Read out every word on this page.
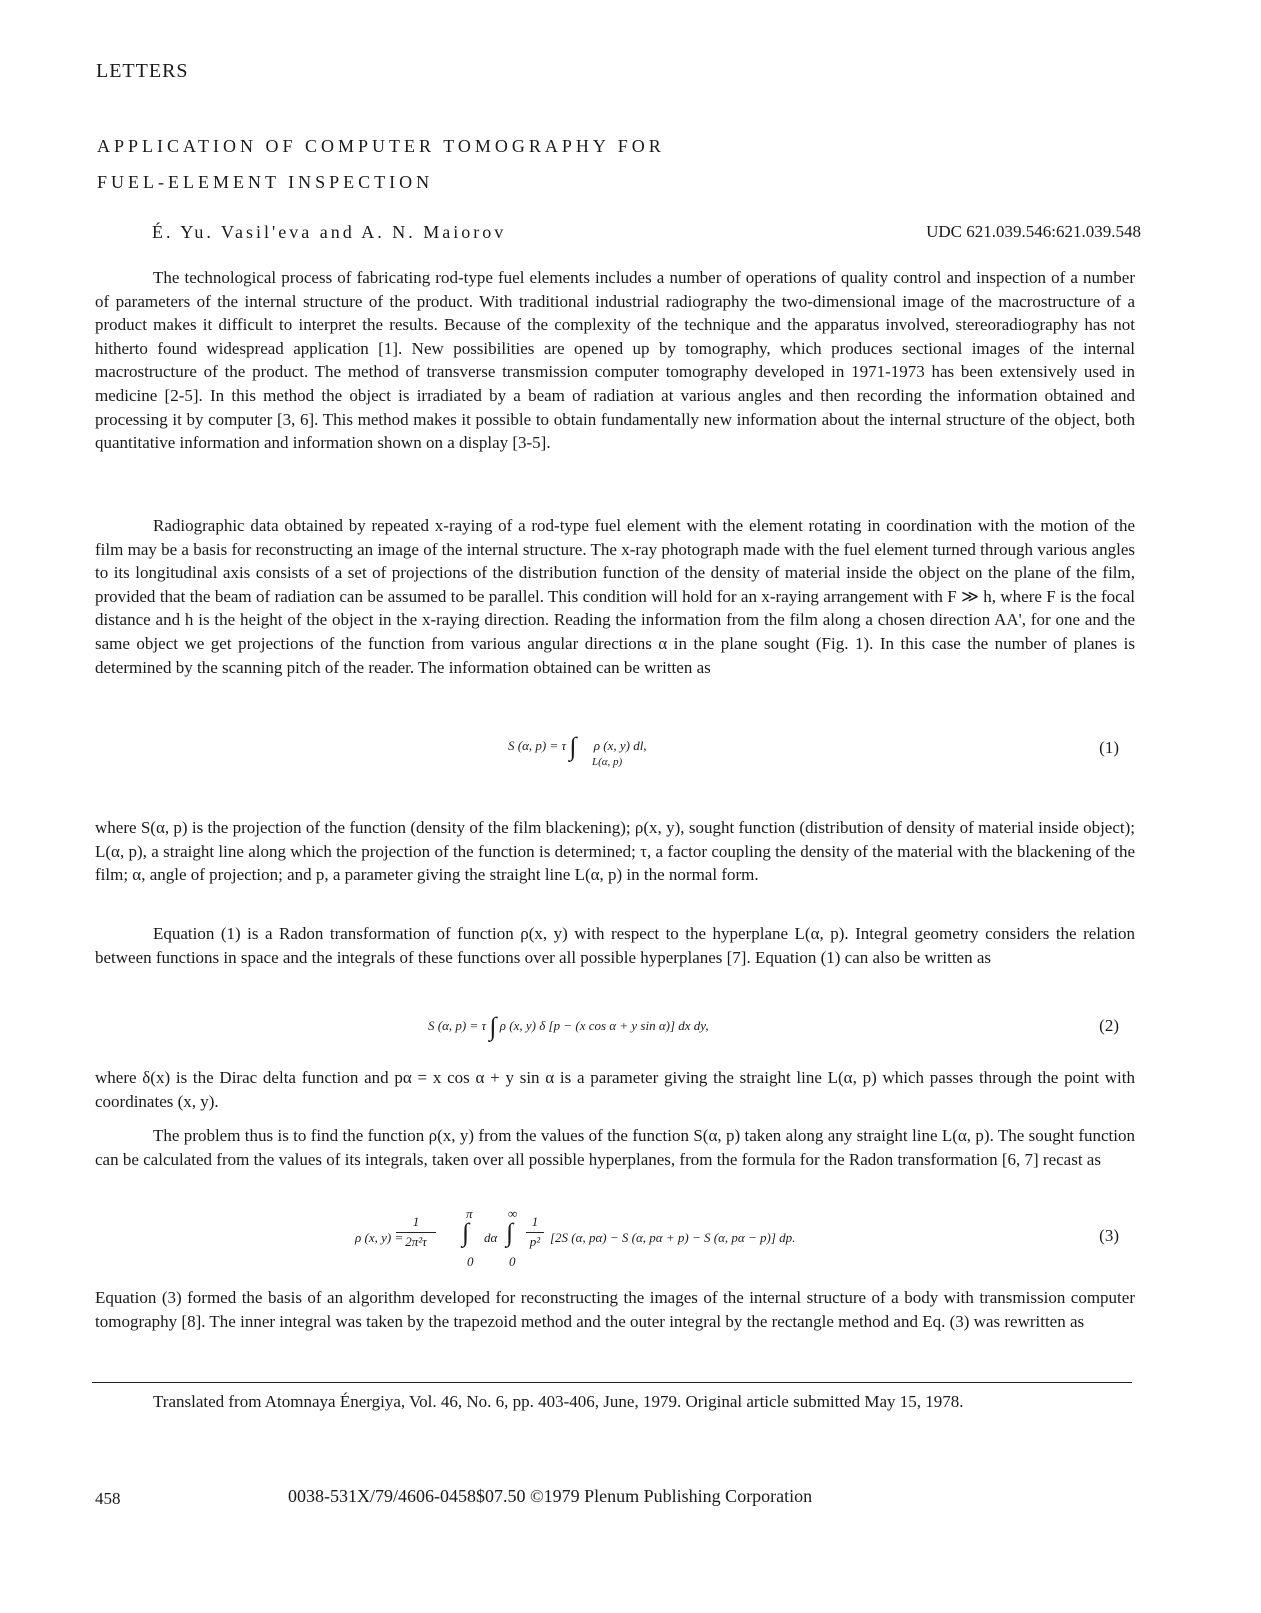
LETTERS
APPLICATION OF COMPUTER TOMOGRAPHY FOR
FUEL-ELEMENT INSPECTION
É. Yu. Vasil'eva and A. N. Maiorov	UDC 621.039.546:621.039.548

The technological process of fabricating rod-type fuel elements includes a number of operations of quality control and inspection of a number of parameters of the internal structure of the product. With traditional industrial radiography the two-dimensional image of the macrostructure of a product makes it difficult to interpret the results. Because of the complexity of the technique and the apparatus involved, stereoradiography has not hitherto found widespread application [1]. New possibilities are opened up by tomography, which produces sectional images of the internal macrostructure of the product. The method of transverse transmission computer tomography developed in 1971-1973 has been extensively used in medicine [2-5]. In this method the object is irradiated by a beam of radiation at various angles and then recording the information obtained and processing it by computer [3, 6]. This method makes it possible to obtain fundamentally new information about the internal structure of the object, both quantitative information and information shown on a display [3-5].

Radiographic data obtained by repeated x-raying of a rod-type fuel element with the element rotating in coordination with the motion of the film may be a basis for reconstructing an image of the internal structure. The x-ray photograph made with the fuel element turned through various angles to its longitudinal axis consists of a set of projections of the distribution function of the density of material inside the object on the plane of the film, provided that the beam of radiation can be assumed to be parallel. This condition will hold for an x-raying arrangement with F ≫ h, where F is the focal distance and h is the height of the object in the x-raying direction. Reading the information from the film along a chosen direction AA', for one and the same object we get projections of the function from various angular directions α in the plane sought (Fig. 1). In this case the number of planes is determined by the scanning pitch of the reader. The information obtained can be written as

S (α, p) = τ ∫ ρ (x, y) dl,
L(α, p)
(1)

where S(α, p) is the projection of the function (density of the film blackening); ρ(x, y), sought function (distribution of density of material inside object); L(α, p), a straight line along which the projection of the function is determined; τ, a factor coupling the density of the material with the blackening of the film; α, angle of projection; and p, a parameter giving the straight line L(α, p) in the normal form.

Equation (1) is a Radon transformation of function ρ(x, y) with respect to the hyperplane L(α, p). Integral geometry considers the relation between functions in space and the integrals of these functions over all possible hyperplanes [7]. Equation (1) can also be written as

S (α, p) = τ ∫ ρ (x, y) δ [p − (x cos α + y sin α)] dx dy,	(2)

where δ(x) is the Dirac delta function and pα = x cos α + y sin α is a parameter giving the straight line L(α, p) which passes through the point with coordinates (x, y).

The problem thus is to find the function ρ(x, y) from the values of the function S(α, p) taken along any straight line L(α, p). The sought function can be calculated from the values of its integrals, taken over all possible hyperplanes, from the formula for the Radon transformation [6, 7] recast as

ρ (x, y) =
1
2π²τ
π
∫
0
dα
∞
∫
0
1
p² [2S (α, pα) − S (α, pα + p) − S (α, pα − p)] dp.	(3)

Equation (3) formed the basis of an algorithm developed for reconstructing the images of the internal structure of a body with transmission computer tomography [8]. The inner integral was taken by the trapezoid method and the outer integral by the rectangle method and Eq. (3) was rewritten as

Translated from Atomnaya Énergiya, Vol. 46, No. 6, pp. 403-406, June, 1979. Original article submitted May 15, 1978.

458	0038-531X/79/4606-0458$07.50 ©1979 Plenum Publishing Corporation
